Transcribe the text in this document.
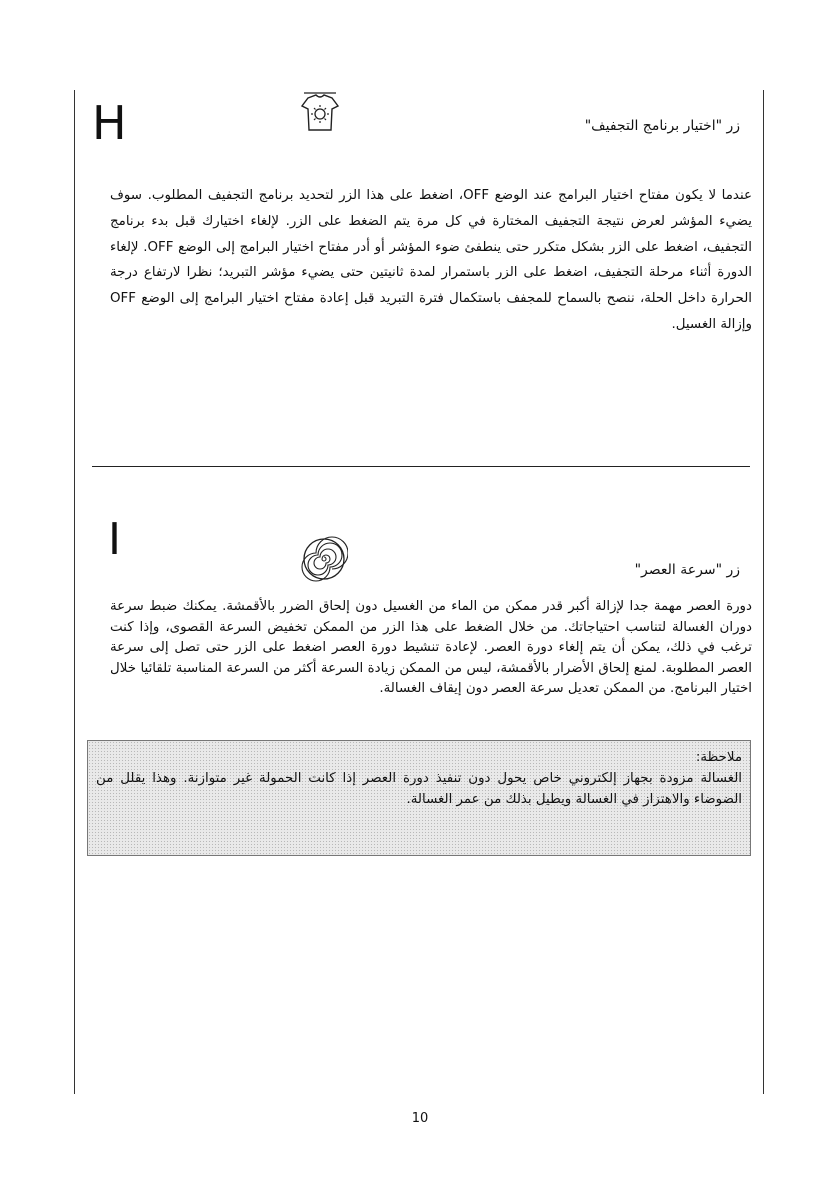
H	زر "اختيار برنامج التجفيف"
عندما لا يكون مفتاح اختيار البرامج عند الوضع OFF، اضغط على هذا الزر لتحديد برنامج التجفيف المطلوب. سوف يضيء المؤشر لعرض نتيجة التجفيف المختارة في كل مرة يتم الضغط على الزر. لإلغاء اختيارك قبل بدء برنامج التجفيف، اضغط على الزر بشكل متكرر حتى ينطفئ ضوء المؤشر أو أدر مفتاح اختيار البرامج إلى الوضع OFF. لإلغاء الدورة أثناء مرحلة التجفيف، اضغط على الزر باستمرار لمدة ثانيتين حتى يضيء مؤشر التبريد؛ نظرا لارتفاع درجة الحرارة داخل الحلة، ننصح بالسماح للمجفف باستكمال فترة التبريد قبل إعادة مفتاح اختيار البرامج إلى الوضع OFF وإزالة الغسيل.
I
زر "سرعة العصر"
دورة العصر مهمة جدا لإزالة أكبر قدر ممكن من الماء من الغسيل دون إلحاق الضرر بالأقمشة. يمكنك ضبط سرعة دوران الغسالة لتناسب احتياجاتك. من خلال الضغط على هذا الزر من الممكن تخفيض السرعة القصوى، وإذا كنت ترغب في ذلك، يمكن أن يتم إلغاء دورة العصر. لإعادة تنشيط دورة العصر اضغط على الزر حتى تصل إلى سرعة العصر المطلوبة. لمنع إلحاق الأضرار بالأقمشة، ليس من الممكن زيادة السرعة أكثر من السرعة المناسبة تلقائيا خلال اختيار البرنامج. من الممكن تعديل سرعة العصر دون إيقاف الغسالة.
ملاحظة:
الغسالة مزودة بجهاز إلكتروني خاص يحول دون تنفيذ دورة العصر إذا كانت الحمولة غير متوازنة. وهذا يقلل من الضوضاء والاهتزاز في الغسالة ويطيل بذلك من عمر الغسالة.
10
